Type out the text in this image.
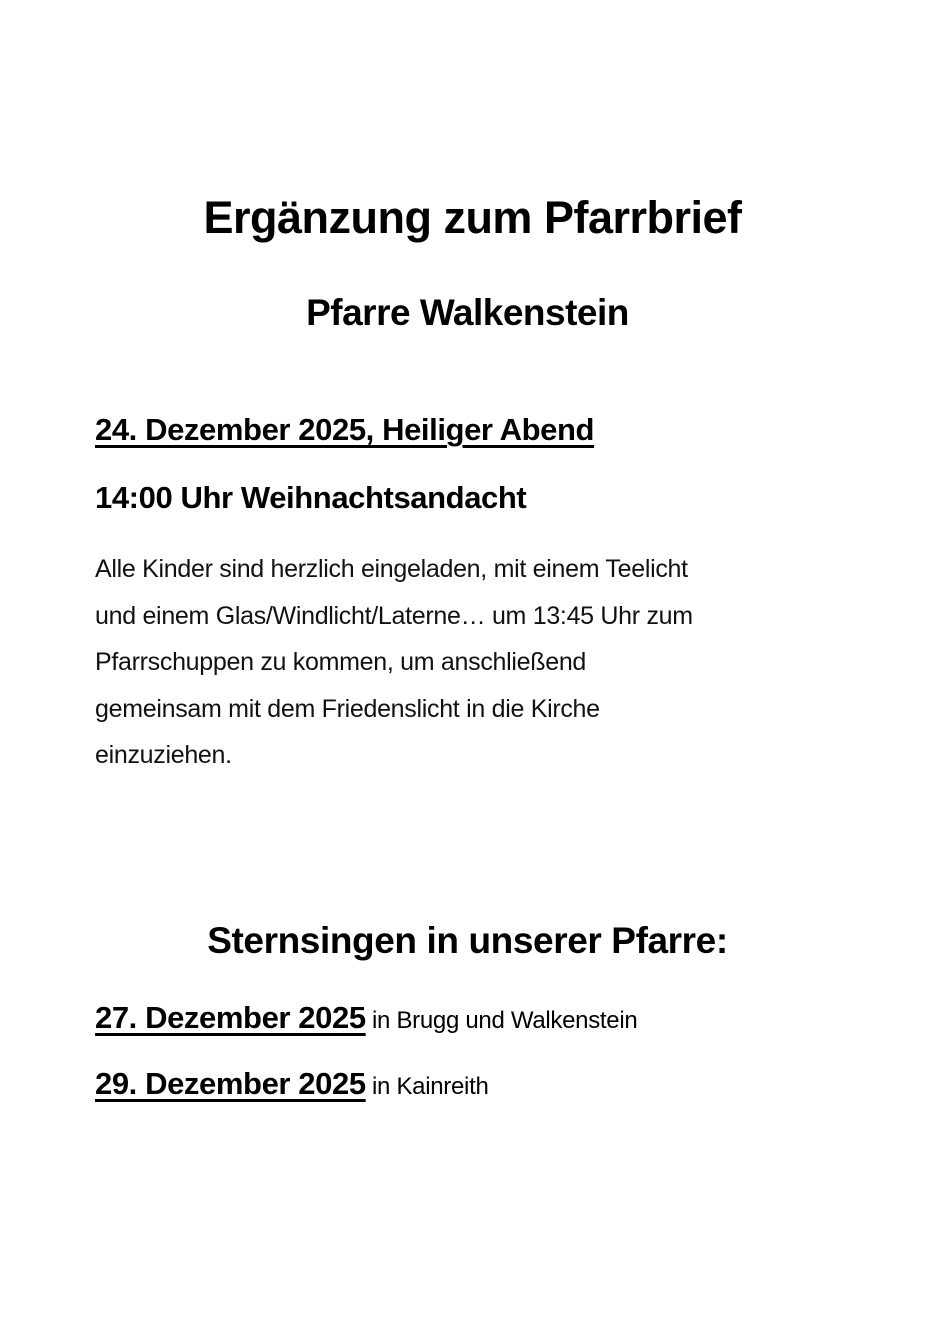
Ergänzung zum Pfarrbrief
Pfarre Walkenstein
24. Dezember 2025, Heiliger Abend
14:00 Uhr Weihnachtsandacht
Alle Kinder sind herzlich eingeladen, mit einem Teelicht
und einem Glas/Windlicht/Laterne… um 13:45 Uhr zum
Pfarrschuppen zu kommen, um anschließend
gemeinsam mit dem Friedenslicht in die Kirche
einzuziehen.
Sternsingen in unserer Pfarre:
27. Dezember 2025 in Brugg und Walkenstein
29. Dezember 2025 in Kainreith
